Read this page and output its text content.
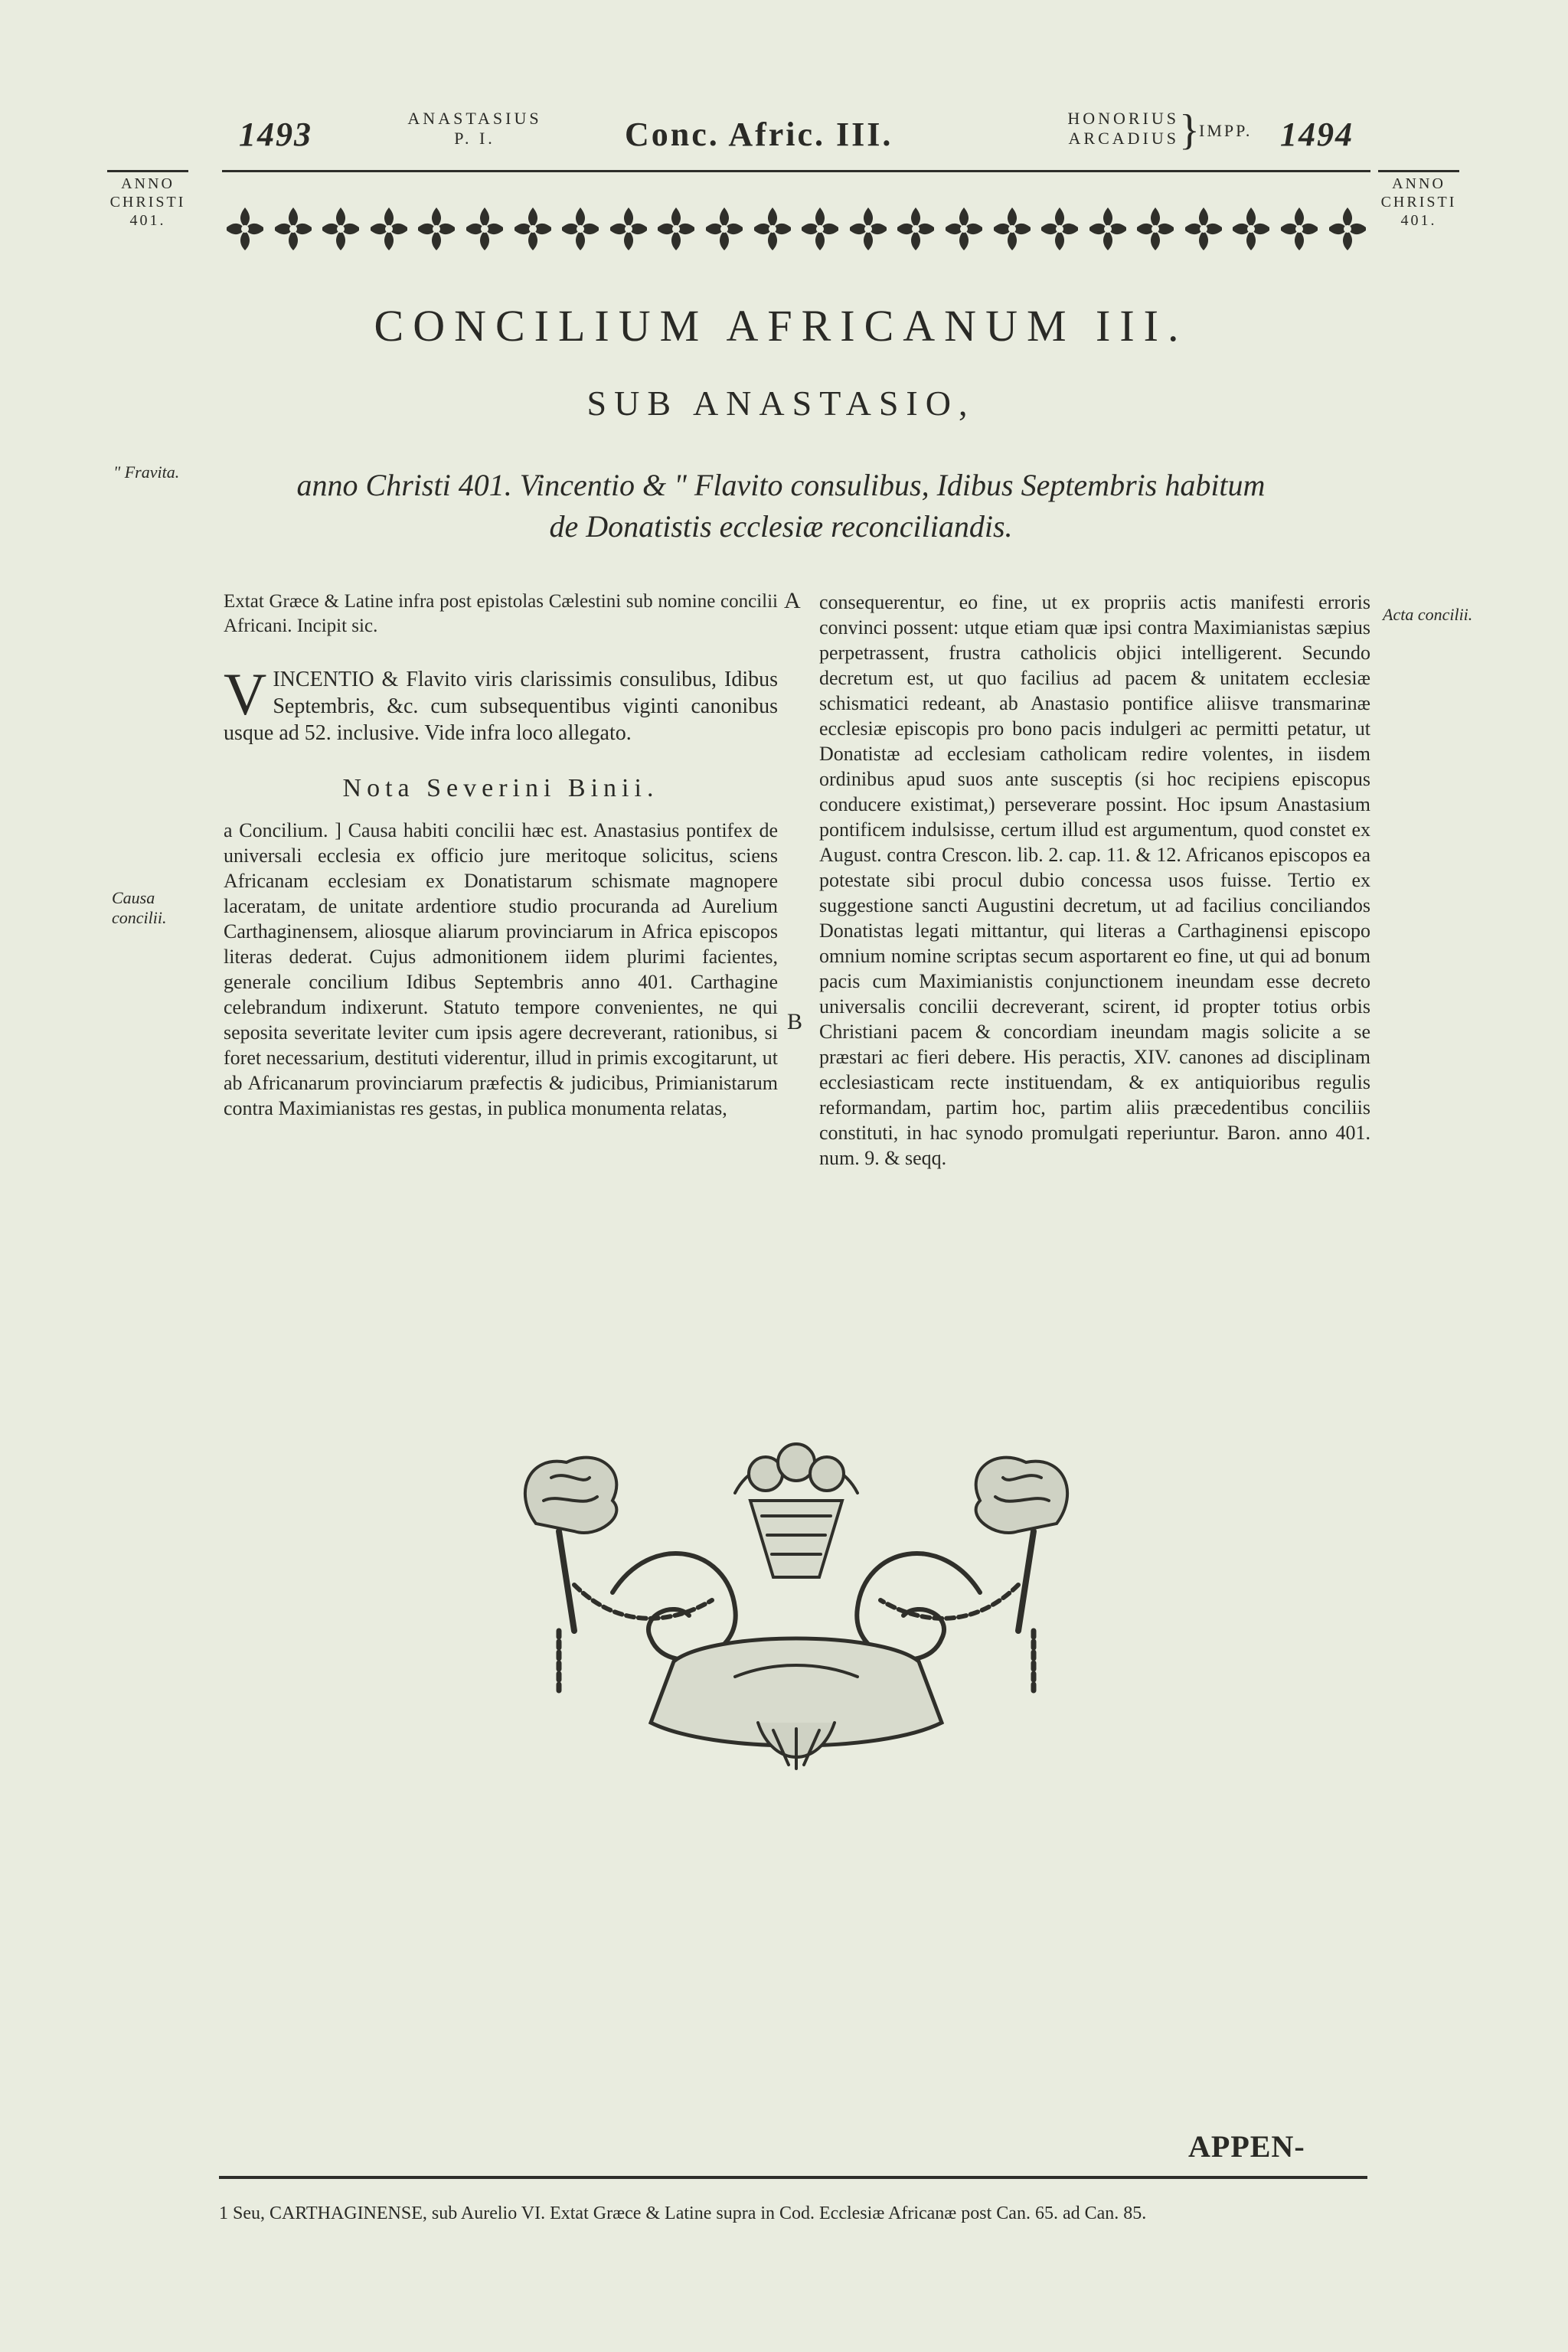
1493	ANASTASIUS
P. I.	Conc. Afric. III.	HONORIUS
ARCADIUS } IMPP. 1494
ANNO
CHRISTI
401.
ANNO
CHRISTI
401.
CONCILIUM AFRICANUM III.
SUB ANASTASIO,
anno Christi 401. Vincentio & " Flavito consulibus, Idibus Septembris habitum
de Donatistis ecclesiæ reconciliandis.
" Fravita.
Causa concilii.
Acta concilii.

Extat Græce & Latine infra post epistolas Cælestini sub nomine concilii Africani. Incipit sic.

V INCENTIO & Flavito viris clarissimis consulibus, Idibus Septembris, &c. cum subsequentibus viginti canonibus usque ad 52. inclusive. Vide infra loco allegato.

Nota Severini Binii.

a Concilium. ] Causa habiti concilii hæc est. Anastasius pontifex de universali ecclesia ex officio jure meritoque solicitus, sciens Africanam ecclesiam ex Donatistarum schismate magnopere laceratam, de unitate ardentiore studio procuranda ad Aurelium Carthaginensem, aliosque aliarum provinciarum in Africa episcopos literas dederat. Cujus admonitionem iidem plurimi facientes, generale concilium Idibus Septembris anno 401. Carthagine celebrandum indixerunt. Statuto tempore convenientes, ne qui seposita severitate leviter cum ipsis agere decreverant, rationibus, si foret necessarium, destituti viderentur, illud in primis excogitarunt, ut ab Africanarum provinciarum præfectis & judicibus, Primianistarum contra Maximianistas res gestas, in publica monumenta relatas,

A
B

consequerentur, eo fine, ut ex propriis actis manifesti erroris convinci possent: utque etiam quæ ipsi contra Maximianistas sæpius perpetrassent, frustra catholicis objici intelligerent. Secundo decretum est, ut quo facilius ad pacem & unitatem ecclesiæ schismatici redeant, ab Anastasio pontifice aliisve transmarinæ ecclesiæ episcopis pro bono pacis indulgeri ac permitti petatur, ut Donatistæ ad ecclesiam catholicam redire volentes, in iisdem ordinibus apud suos ante susceptis (si hoc recipiens episcopus conducere existimat,) perseverare possint. Hoc ipsum Anastasium pontificem indulsisse, certum illud est argumentum, quod constet ex August. contra Crescon. lib. 2. cap. 11. & 12. Africanos episcopos ea potestate sibi procul dubio concessa usos fuisse. Tertio ex suggestione sancti Augustini decretum, ut ad facilius conciliandos Donatistas legati mittantur, qui literas a Carthaginensi episcopo omnium nomine scriptas secum asportarent eo fine, ut qui ad bonum pacis cum Maximianistis conjunctionem ineundam esse decreto universalis concilii decreverant, scirent, id propter totius orbis Christiani pacem & concordiam ineundam magis solicite a se præstari ac fieri debere. His peractis, XIV. canones ad disciplinam ecclesiasticam recte instituendam, & ex antiquioribus regulis reformandam, partim hoc, partim aliis præcedentibus conciliis constituti, in hac synodo promulgati reperiuntur. Baron. anno 401. num. 9. & seqq.

APPEN-
1 Seu, CARTHAGINENSE, sub Aurelio VI. Extat Græce & Latine supra in Cod. Ecclesiæ Africanæ post Can. 65. ad Can. 85.
